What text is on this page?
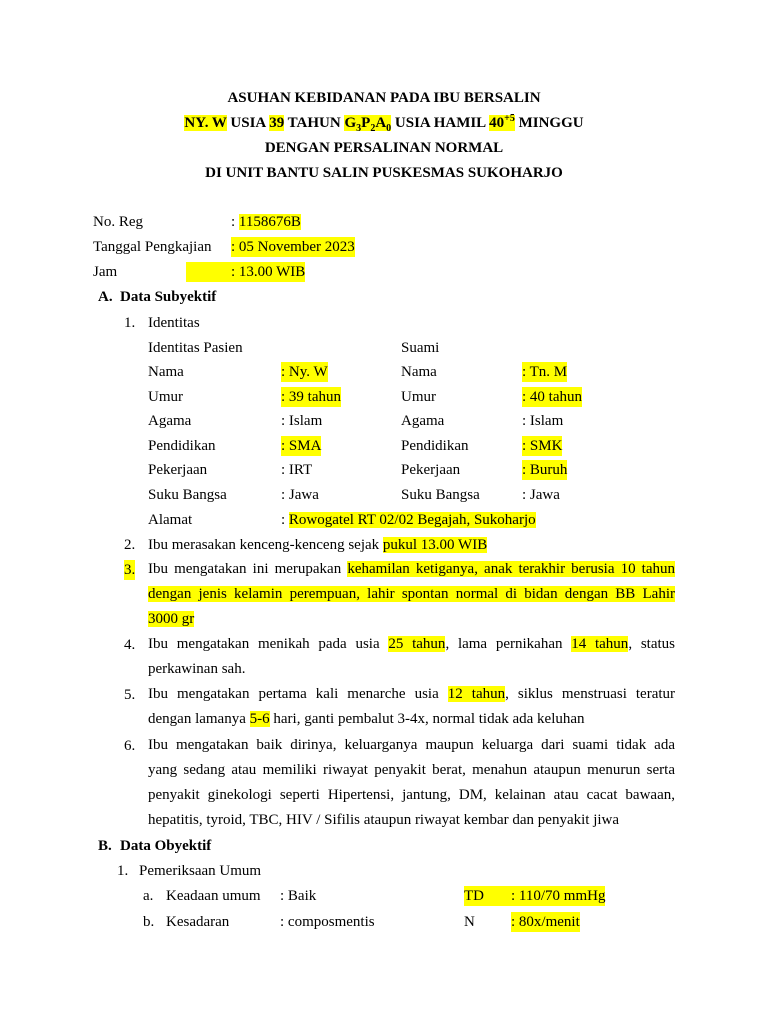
ASUHAN KEBIDANAN PADA IBU BERSALIN
NY. W USIA 39 TAHUN $G_3P_2A_0$ USIA HAMIL $40^{+5}$ MINGGU
DENGAN PERSALINAN NORMAL
DI UNIT BANTU SALIN PUSKESMAS SUKOHARJO
No. Reg	: 1158676B
Tanggal Pengkajian : 05 November 2023
Jam	: 13.00 WIB
A. Data Subyektif
1. Identitas
Identitas Pasien	Suami
Nama	: Ny. W	Nama	: Tn. M
Umur	: 39 tahun	Umur	: 40 tahun
Agama	: Islam	Agama	: Islam
Pendidikan	: SMA	Pendidikan	: SMK
Pekerjaan	: IRT	Pekerjaan	: Buruh
Suku Bangsa	: Jawa	Suku Bangsa	: Jawa
Alamat	: Rowogatel RT 02/02 Begajah, Sukoharjo
2. Ibu merasakan kenceng-kenceng sejak pukul 13.00 WIB
3. Ibu mengatakan ini merupakan kehamilan ketiganya, anak terakhir berusia 10 tahun
dengan jenis kelamin perempuan, lahir spontan normal di bidan dengan BB Lahir
3000 gr
4. Ibu mengatakan menikah pada usia 25 tahun, lama pernikahan 14 tahun, status
perkawinan sah.
5. Ibu mengatakan pertama kali menarche usia 12 tahun, siklus menstruasi teratur
dengan lamanya 5-6 hari, ganti pembalut 3-4x, normal tidak ada keluhan
6. Ibu mengatakan baik dirinya, keluarganya maupun keluarga dari suami tidak ada
yang sedang atau memiliki riwayat penyakit berat, menahun ataupun menurun serta
penyakit ginekologi seperti Hipertensi, jantung, DM, kelainan atau cacat bawaan,
hepatitis, tyroid, TBC, HIV / Sifilis ataupun riwayat kembar dan penyakit jiwa
B. Data Obyektif
1. Pemeriksaan Umum
a. Keadaan umum : Baik	TD	: 110/70 mmHg
b. Kesadaran	: composmentis	N : 80x/menit
